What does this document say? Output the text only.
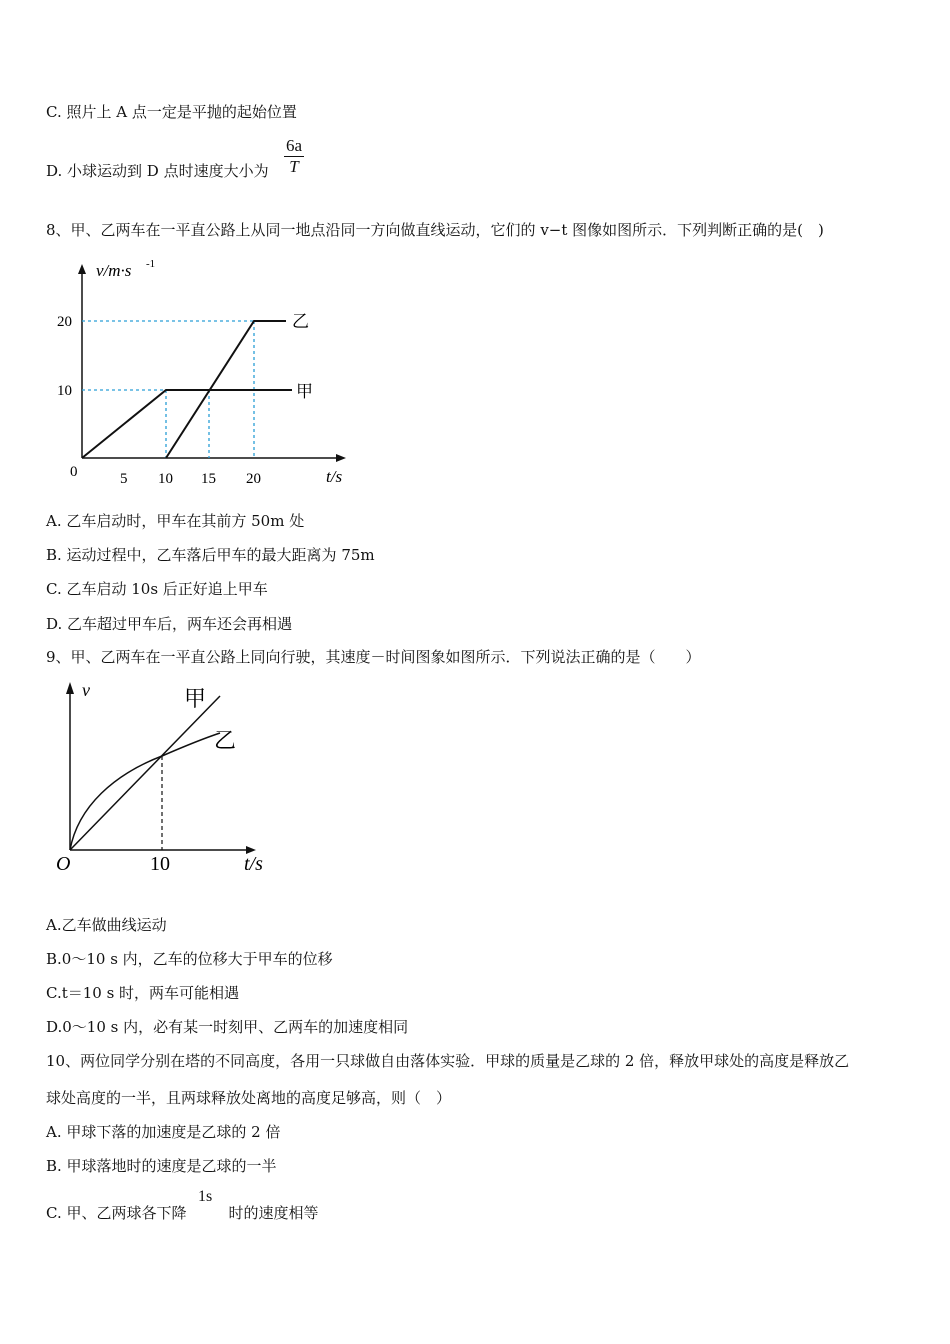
C. 照片上 A 点一定是平抛的起始位置
$\frac{6a}{T}$
D. 小球运动到 D 点时速度大小为
8、甲、乙两车在一平直公路上从同一地点沿同一方向做直线运动，它们的 v−t 图像如图所示．下列判断正确的是(　)
v/m·s -1
t/s
0
10
20
5 10 15 20
乙
甲
A. 乙车启动时，甲车在其前方 50m 处
B. 运动过程中，乙车落后甲车的最大距离为 75m
C. 乙车启动 10s 后正好追上甲车
D. 乙车超过甲车后，两车还会再相遇
9、甲、乙两车在一平直公路上同向行驶，其速度－时间图象如图所示．下列说法正确的是（　　）
v
O	10	t/s
甲
乙
A.乙车做曲线运动
B.0～10 s 内，乙车的位移大于甲车的位移
C.t＝10 s 时，两车可能相遇
D.0～10 s 内，必有某一时刻甲、乙两车的加速度相同
10、两位同学分别在塔的不同高度，各用一只球做自由落体实验．甲球的质量是乙球的 2 倍，释放甲球处的高度是释放乙
球处高度的一半，且两球释放处离地的高度足够高，则（　）
A. 甲球下落的加速度是乙球的 2 倍
B. 甲球落地时的速度是乙球的一半
C. 甲、乙两球各下降	时的速度相等
1s
